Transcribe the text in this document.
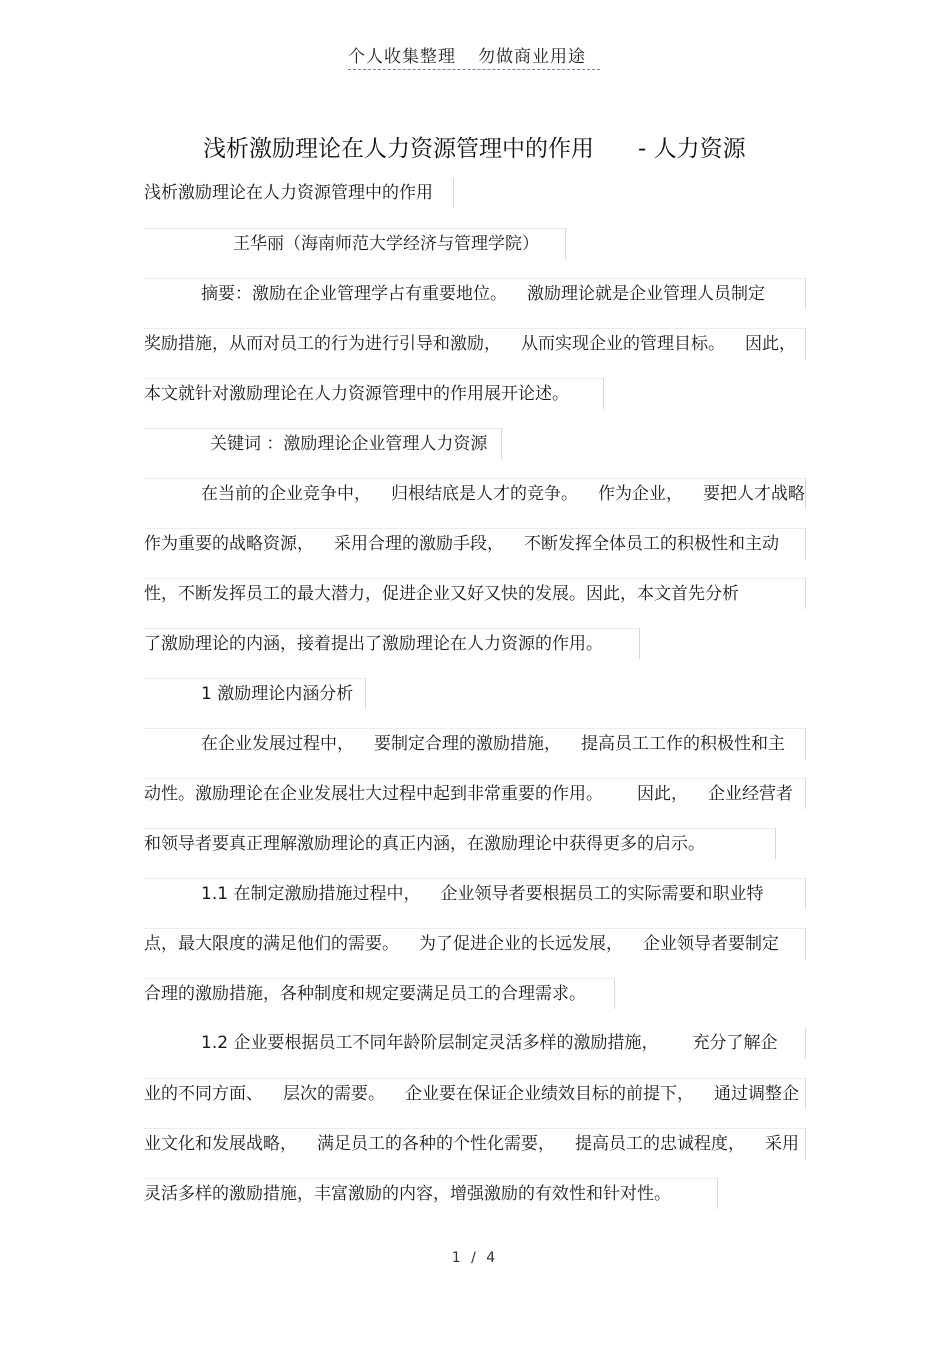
个人收集整理 勿做商业用途
浅析激励理论在人力资源管理中的作用 - 人力资源
浅析激励理论在人力资源管理中的作用
王华丽（海南师范大学经济与管理学院）
摘要：激励在企业管理学占有重要地位。 激励理论就是企业管理人员制定
奖励措施，从而对员工的行为进行引导和激励， 从而实现企业的管理目标。 因此，
本文就针对激励理论在人力资源管理中的作用展开论述。
关键词 ：激励理论企业管理人力资源
在当前的企业竞争中， 归根结底是人才的竞争。 作为企业， 要把人才战略
作为重要的战略资源， 采用合理的激励手段， 不断发挥全体员工的积极性和主动
性，不断发挥员工的最大潜力，促进企业又好又快的发展。因此，本文首先分析
了激励理论的内涵，接着提出了激励理论在人力资源的作用。
1 激励理论内涵分析
在企业发展过程中， 要制定合理的激励措施， 提高员工工作的积极性和主
动性。激励理论在企业发展壮大过程中起到非常重要的作用。 因此， 企业经营者
和领导者要真正理解激励理论的真正内涵，在激励理论中获得更多的启示。
1.1 在制定激励措施过程中， 企业领导者要根据员工的实际需要和职业特
点，最大限度的满足他们的需要。 为了促进企业的长远发展， 企业领导者要制定
合理的激励措施，各种制度和规定要满足员工的合理需求。
1.2 企业要根据员工不同年龄阶层制定灵活多样的激励措施， 充分了解企
业的不同方面、 层次的需要。 企业要在保证企业绩效目标的前提下， 通过调整企
业文化和发展战略， 满足员工的各种的个性化需要， 提高员工的忠诚程度， 采用
灵活多样的激励措施，丰富激励的内容，增强激励的有效性和针对性。
1 / 4
